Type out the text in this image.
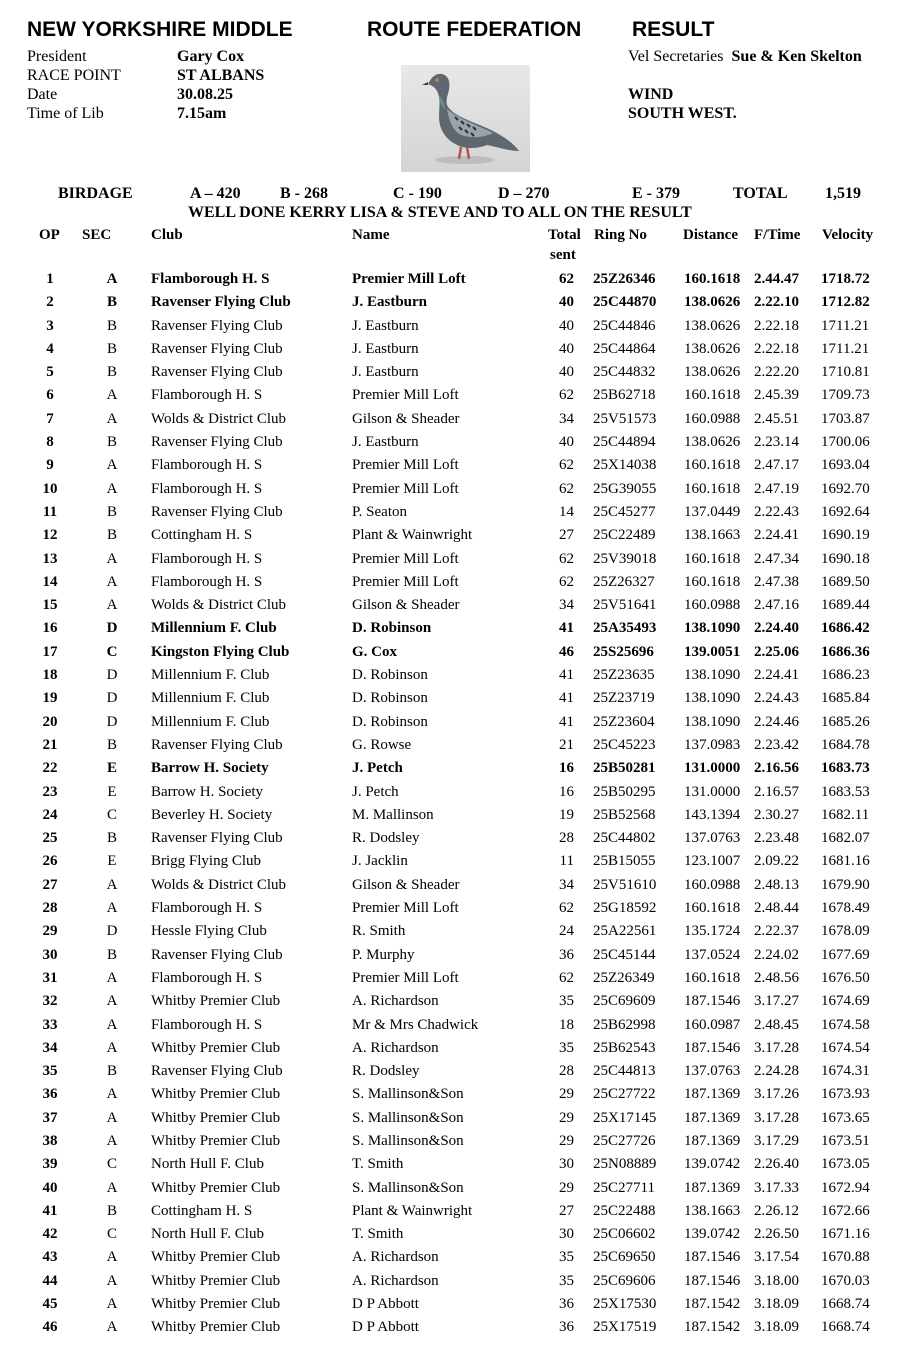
NEW YORKSHIRE MIDDLE	ROUTE FEDERATION RESULT
President	Gary Cox
RACE POINT	ST ALBANS
Date	30.08.25
Time of Lib	7.15am
Vel Secretaries Sue & Ken Skelton
WIND
SOUTH WEST.
BIRDAGE	A – 420 B - 268	C - 190	D – 270	E - 379	TOTAL 1,519
WELL DONE KERRY LISA & STEVE AND TO ALL ON THE RESULT
OP SEC	Club	Name	Total
sent
Ring No Distance F/Time Velocity
1	A	Flamborough H. S	Premier Mill Loft	62 25Z26346 160.1618 2.44.47 1718.72
2	B	Ravenser Flying Club	J. Eastburn	40 25C44870 138.0626 2.22.10 1712.82
3	B	Ravenser Flying Club	J. Eastburn	40 25C44846 138.0626 2.22.18 1711.21
4	B	Ravenser Flying Club	J. Eastburn	40 25C44864 138.0626 2.22.18 1711.21
5	B	Ravenser Flying Club	J. Eastburn	40 25C44832 138.0626 2.22.20 1710.81
6	A	Flamborough H. S	Premier Mill Loft	62 25B62718 160.1618 2.45.39 1709.73
7	A	Wolds & District Club	Gilson & Sheader	34 25V51573 160.0988 2.45.51 1703.87
8	B	Ravenser Flying Club	J. Eastburn	40 25C44894 138.0626 2.23.14 1700.06
9	A	Flamborough H. S	Premier Mill Loft	62 25X14038 160.1618 2.47.17 1693.04
10	A	Flamborough H. S	Premier Mill Loft	62 25G39055 160.1618 2.47.19 1692.70
11	B	Ravenser Flying Club	P. Seaton	14 25C45277 137.0449 2.22.43 1692.64
12	B	Cottingham H. S	Plant & Wainwright	27 25C22489 138.1663 2.24.41 1690.19
13	A	Flamborough H. S	Premier Mill Loft	62 25V39018 160.1618 2.47.34 1690.18
14	A	Flamborough H. S	Premier Mill Loft	62 25Z26327 160.1618 2.47.38 1689.50
15	A	Wolds & District Club	Gilson & Sheader	34 25V51641 160.0988 2.47.16 1689.44
16	D	Millennium F. Club	D. Robinson	41 25A35493 138.1090 2.24.40 1686.42
17	C	Kingston Flying Club	G. Cox	46 25S25696 139.0051 2.25.06 1686.36
18	D	Millennium F. Club	D. Robinson	41 25Z23635 138.1090 2.24.41 1686.23
19	D	Millennium F. Club	D. Robinson	41 25Z23719 138.1090 2.24.43 1685.84
20	D	Millennium F. Club	D. Robinson	41 25Z23604 138.1090 2.24.46 1685.26
21	B	Ravenser Flying Club	G. Rowse	21 25C45223 137.0983 2.23.42 1684.78
22	E	Barrow H. Society	J. Petch	16 25B50281 131.0000 2.16.56 1683.73
23	E	Barrow H. Society	J. Petch	16 25B50295 131.0000 2.16.57 1683.53
24	C	Beverley H. Society	M. Mallinson	19 25B52568 143.1394 2.30.27 1682.11
25	B	Ravenser Flying Club	R. Dodsley	28 25C44802 137.0763 2.23.48 1682.07
26	E	Brigg Flying Club	J. Jacklin	11 25B15055 123.1007 2.09.22 1681.16
27	A	Wolds & District Club	Gilson & Sheader	34 25V51610 160.0988 2.48.13 1679.90
28	A	Flamborough H. S	Premier Mill Loft	62 25G18592 160.1618 2.48.44 1678.49
29	D	Hessle Flying Club	R. Smith	24 25A22561 135.1724 2.22.37 1678.09
30	B	Ravenser Flying Club	P. Murphy	36 25C45144 137.0524 2.24.02 1677.69
31	A	Flamborough H. S	Premier Mill Loft	62 25Z26349 160.1618 2.48.56 1676.50
32	A	Whitby Premier Club	A. Richardson	35 25C69609 187.1546 3.17.27 1674.69
33	A	Flamborough H. S	Mr & Mrs Chadwick	18 25B62998 160.0987 2.48.45 1674.58
34	A	Whitby Premier Club	A. Richardson	35 25B62543 187.1546 3.17.28 1674.54
35	B	Ravenser Flying Club	R. Dodsley	28 25C44813 137.0763 2.24.28 1674.31
36	A	Whitby Premier Club	S. Mallinson&Son	29 25C27722 187.1369 3.17.26 1673.93
37	A	Whitby Premier Club	S. Mallinson&Son	29 25X17145 187.1369 3.17.28 1673.65
38	A	Whitby Premier Club	S. Mallinson&Son	29 25C27726 187.1369 3.17.29 1673.51
39	C	North Hull F. Club	T. Smith	30 25N08889 139.0742 2.26.40 1673.05
40	A	Whitby Premier Club	S. Mallinson&Son	29 25C27711 187.1369 3.17.33 1672.94
41	B	Cottingham H. S	Plant & Wainwright	27 25C22488 138.1663 2.26.12 1672.66
42	C	North Hull F. Club	T. Smith	30 25C06602 139.0742 2.26.50 1671.16
43	A	Whitby Premier Club	A. Richardson	35 25C69650 187.1546 3.17.54 1670.88
44	A	Whitby Premier Club	A. Richardson	35 25C69606 187.1546 3.18.00 1670.03
45	A	Whitby Premier Club	D P Abbott	36 25X17530 187.1542 3.18.09 1668.74
46	A	Whitby Premier Club	D P Abbott	36 25X17519 187.1542 3.18.09 1668.74
